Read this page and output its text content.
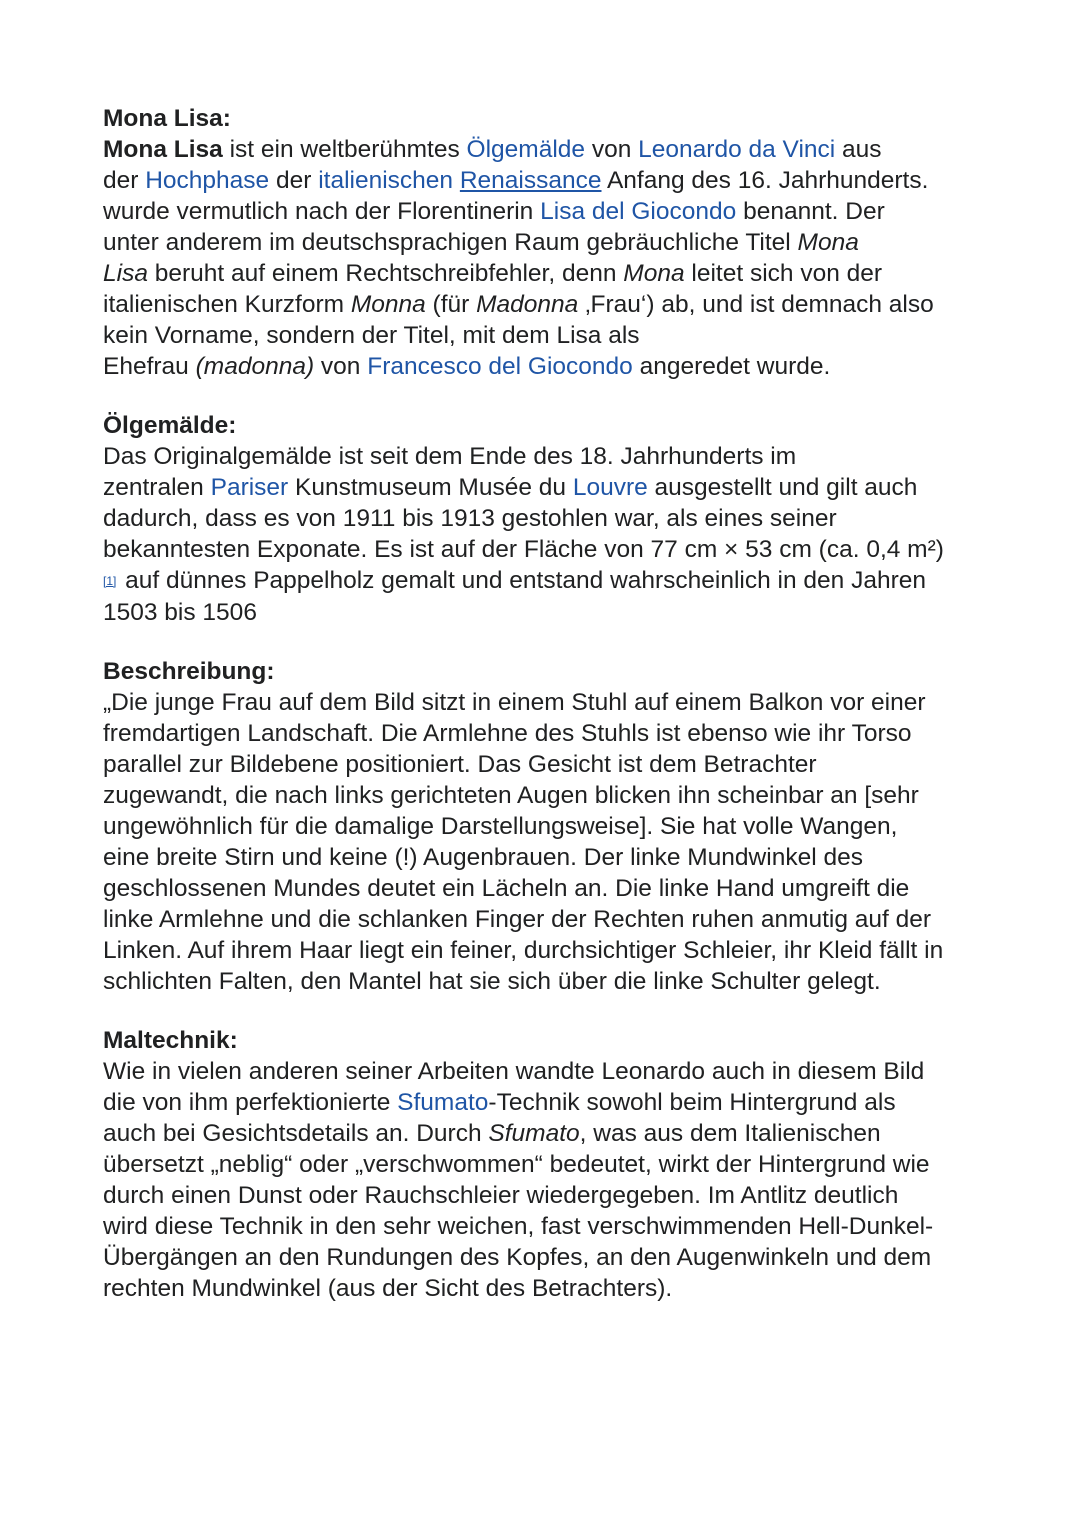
Mona Lisa:
Mona Lisa ist ein weltberühmtes Ölgemälde von Leonardo da Vinci aus
der Hochphase der italienischen Renaissance Anfang des 16. Jahrhunderts.
wurde vermutlich nach der Florentinerin Lisa del Giocondo benannt. Der
unter anderem im deutschsprachigen Raum gebräuchliche Titel Mona
Lisa beruht auf einem Rechtschreibfehler, denn Mona leitet sich von der
italienischen Kurzform Monna (für Madonna ‚Frau‘) ab, und ist demnach also
kein Vorname, sondern der Titel, mit dem Lisa als
Ehefrau (madonna) von Francesco del Giocondo angeredet wurde.
Ölgemälde:
Das Originalgemälde ist seit dem Ende des 18. Jahrhunderts im
zentralen Pariser Kunstmuseum Musée du Louvre ausgestellt und gilt auch
dadurch, dass es von 1911 bis 1913 gestohlen war, als eines seiner
bekanntesten Exponate. Es ist auf der Fläche von 77 cm × 53 cm (ca. 0,4 m²)
[1] auf dünnes Pappelholz gemalt und entstand wahrscheinlich in den Jahren
1503 bis 1506
Beschreibung:
„Die junge Frau auf dem Bild sitzt in einem Stuhl auf einem Balkon vor einer
fremdartigen Landschaft. Die Armlehne des Stuhls ist ebenso wie ihr Torso
parallel zur Bildebene positioniert. Das Gesicht ist dem Betrachter
zugewandt, die nach links gerichteten Augen blicken ihn scheinbar an [sehr
ungewöhnlich für die damalige Darstellungsweise]. Sie hat volle Wangen,
eine breite Stirn und keine (!) Augenbrauen. Der linke Mundwinkel des
geschlossenen Mundes deutet ein Lächeln an. Die linke Hand umgreift die
linke Armlehne und die schlanken Finger der Rechten ruhen anmutig auf der
Linken. Auf ihrem Haar liegt ein feiner, durchsichtiger Schleier, ihr Kleid fällt in
schlichten Falten, den Mantel hat sie sich über die linke Schulter gelegt.
Maltechnik:
Wie in vielen anderen seiner Arbeiten wandte Leonardo auch in diesem Bild
die von ihm perfektionierte Sfumato-Technik sowohl beim Hintergrund als
auch bei Gesichtsdetails an. Durch Sfumato, was aus dem Italienischen
übersetzt „neblig“ oder „verschwommen“ bedeutet, wirkt der Hintergrund wie
durch einen Dunst oder Rauchschleier wiedergegeben. Im Antlitz deutlich
wird diese Technik in den sehr weichen, fast verschwimmenden Hell-Dunkel-
Übergängen an den Rundungen des Kopfes, an den Augenwinkeln und dem
rechten Mundwinkel (aus der Sicht des Betrachters).
